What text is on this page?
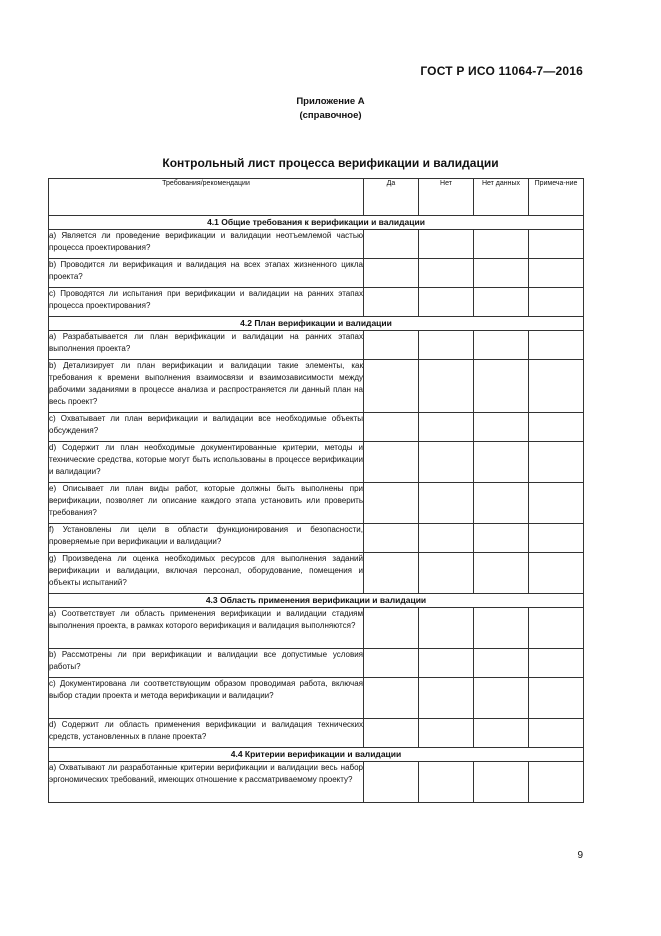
ГОСТ Р ИСО 11064-7—2016
Приложение А
(справочное)
Контрольный лист процесса верификации и валидации
Требования/рекомендации	Да	Нет	Нет данных	Примеча-ние
4.1 Общие требования к верификации и валидации				
а) Является ли проведение верификации и валидации неотъемлемой частью процесса проектирования?				
b) Проводится ли верификация и валидация на всех этапах жизненного цикла проекта?				
с) Проводятся ли испытания при верификации и валидации на ранних этапах процесса проектирования?				
4.2 План верификации и валидации				
а) Разрабатывается ли план верификации и валидации на ранних этапах выполнения проекта?				
b) Детализирует ли план верификации и валидации такие элементы, как требования к времени выполнения взаимосвязи и взаимозависимости между рабочими заданиями в процессе анализа и распространяется ли данный план на весь проект?				
с) Охватывает ли план верификации и валидации все необходимые объекты обсуждения?				
d) Содержит ли план необходимые документированные критерии, методы и технические средства, которые могут быть использованы в процессе верификации и валидации?				
е) Описывает ли план виды работ, которые должны быть выполнены при верификации, позволяет ли описание каждого этапа установить или проверить требования?				
f) Установлены ли цели в области функционирования и безопасности, проверяемые при верификации и валидации?				
g) Произведена ли оценка необходимых ресурсов для выполнения заданий верификации и валидации, включая персонал, оборудование, помещения и объекты испытаний?				
4.3 Область применения верификации и валидации				
а) Соответствует ли область применения верификации и валидации стадиям выполнения проекта, в рамках которого верификация и валидация выполняются?				
b) Рассмотрены ли при верификации и валидации все допустимые условия работы?				
с) Документирована ли соответствующим образом проводимая работа, включая выбор стадии проекта и метода верификации и валидации?				
d) Содержит ли область применения верификации и валидация технических средств, установленных в плане проекта?				
4.4 Критерии верификации и валидации				
а) Охватывают ли разработанные критерии верификации и валидации весь набор эргономических требований, имеющих отношение к рассматриваемому проекту?				
9
